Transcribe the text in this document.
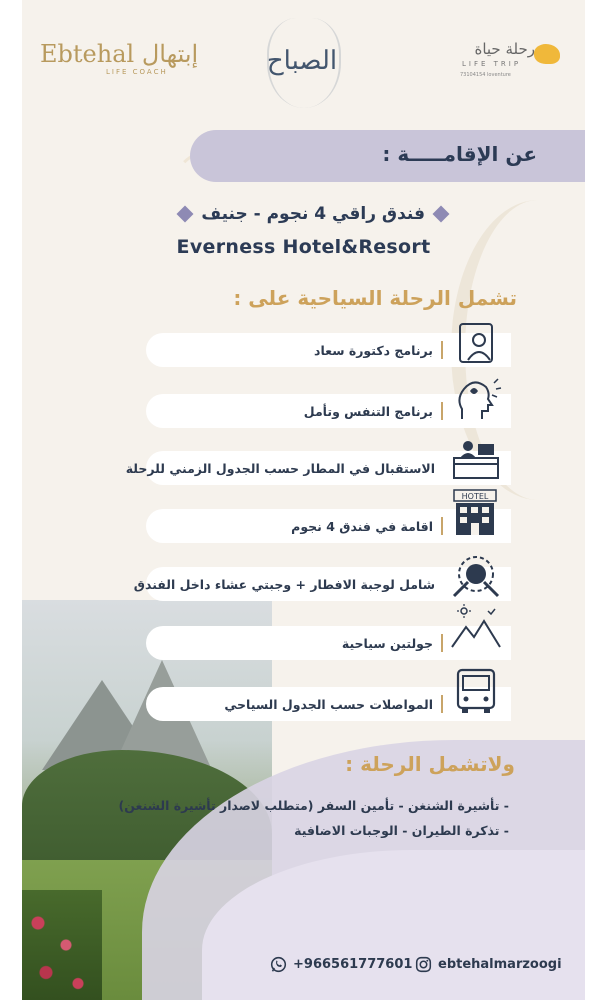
إبتهال Ebtehal
LIFE COACH	الصباح	رحلة حياة
LIFE TRIP
73104154 loventure
عن الإقامـــــة :
فندق راقي 4 نجوم - جنيف
Everness Hotel&Resort
تشمل الرحلة السياحية على :
برنامج دكتورة سعاد
برنامج التنفس وتأمل
الاستقبال في المطار حسب الجدول الزمني للرحلة
اقامة في فندق 4 نجوم
HOTEL
شامل لوجبة الافطار + وجبتي عشاء داخل الفندق
جولتين سياحية
المواصلات حسب الجدول السياحي
ولاتشمل الرحلة :
- تأشيرة الشنغن - تأمين السفر (متطلب لاصدار تأشيرة الشنغن)
- تذكرة الطيران - الوجبات الاضافية
+966561777601 ebtehalmarzoogi
